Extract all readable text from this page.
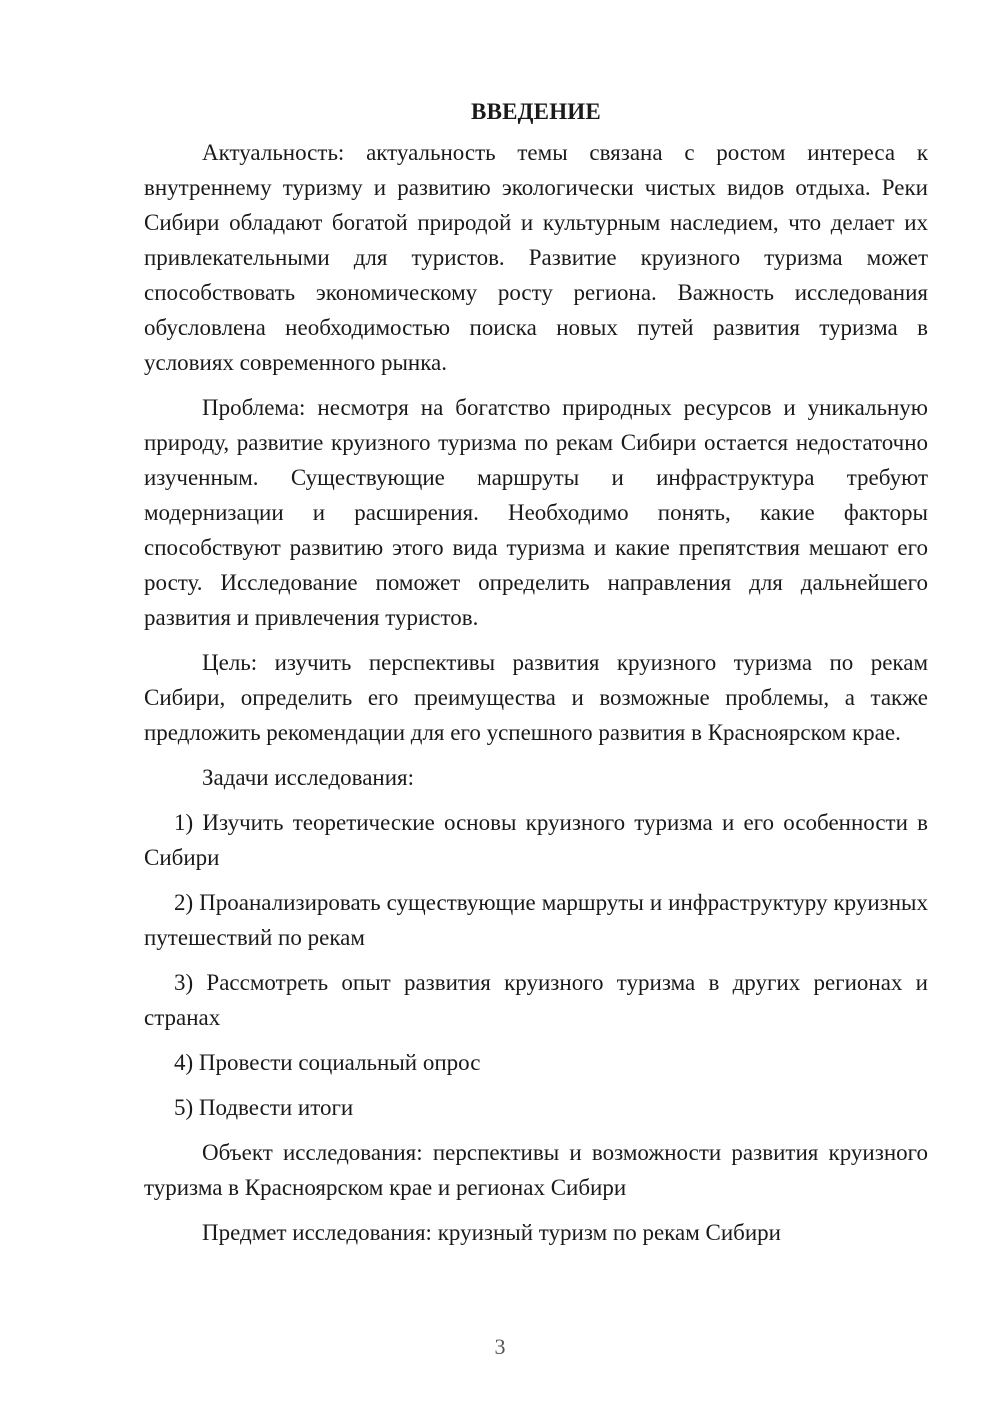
ВВЕДЕНИЕ

Актуальность: актуальность темы связана с ростом интереса к внутреннему туризму и развитию экологически чистых видов отдыха. Реки Сибири обладают богатой природой и культурным наследием, что делает их привлекательными для туристов. Развитие круизного туризма может способствовать экономическому росту региона. Важность исследования обусловлена необходимостью поиска новых путей развития туризма в условиях современного рынка.

Проблема: несмотря на богатство природных ресурсов и уникальную природу, развитие круизного туризма по рекам Сибири остается недостаточно изученным. Существующие маршруты и инфраструктура требуют модернизации и расширения. Необходимо понять, какие факторы способствуют развитию этого вида туризма и какие препятствия мешают его росту. Исследование поможет определить направления для дальнейшего развития и привлечения туристов.

Цель: изучить перспективы развития круизного туризма по рекам Сибири, определить его преимущества и возможные проблемы, а также предложить рекомендации для его успешного развития в Красноярском крае.

Задачи исследования:

1) Изучить теоретические основы круизного туризма и его особенности в Сибири

2) Проанализировать существующие маршруты и инфраструктуру круизных путешествий по рекам

3) Рассмотреть опыт развития круизного туризма в других регионах и странах

4) Провести социальный опрос

5) Подвести итоги

Объект исследования: перспективы и возможности развития круизного туризма в Красноярском крае и регионах Сибири

Предмет исследования: круизный туризм по рекам Сибири

3
